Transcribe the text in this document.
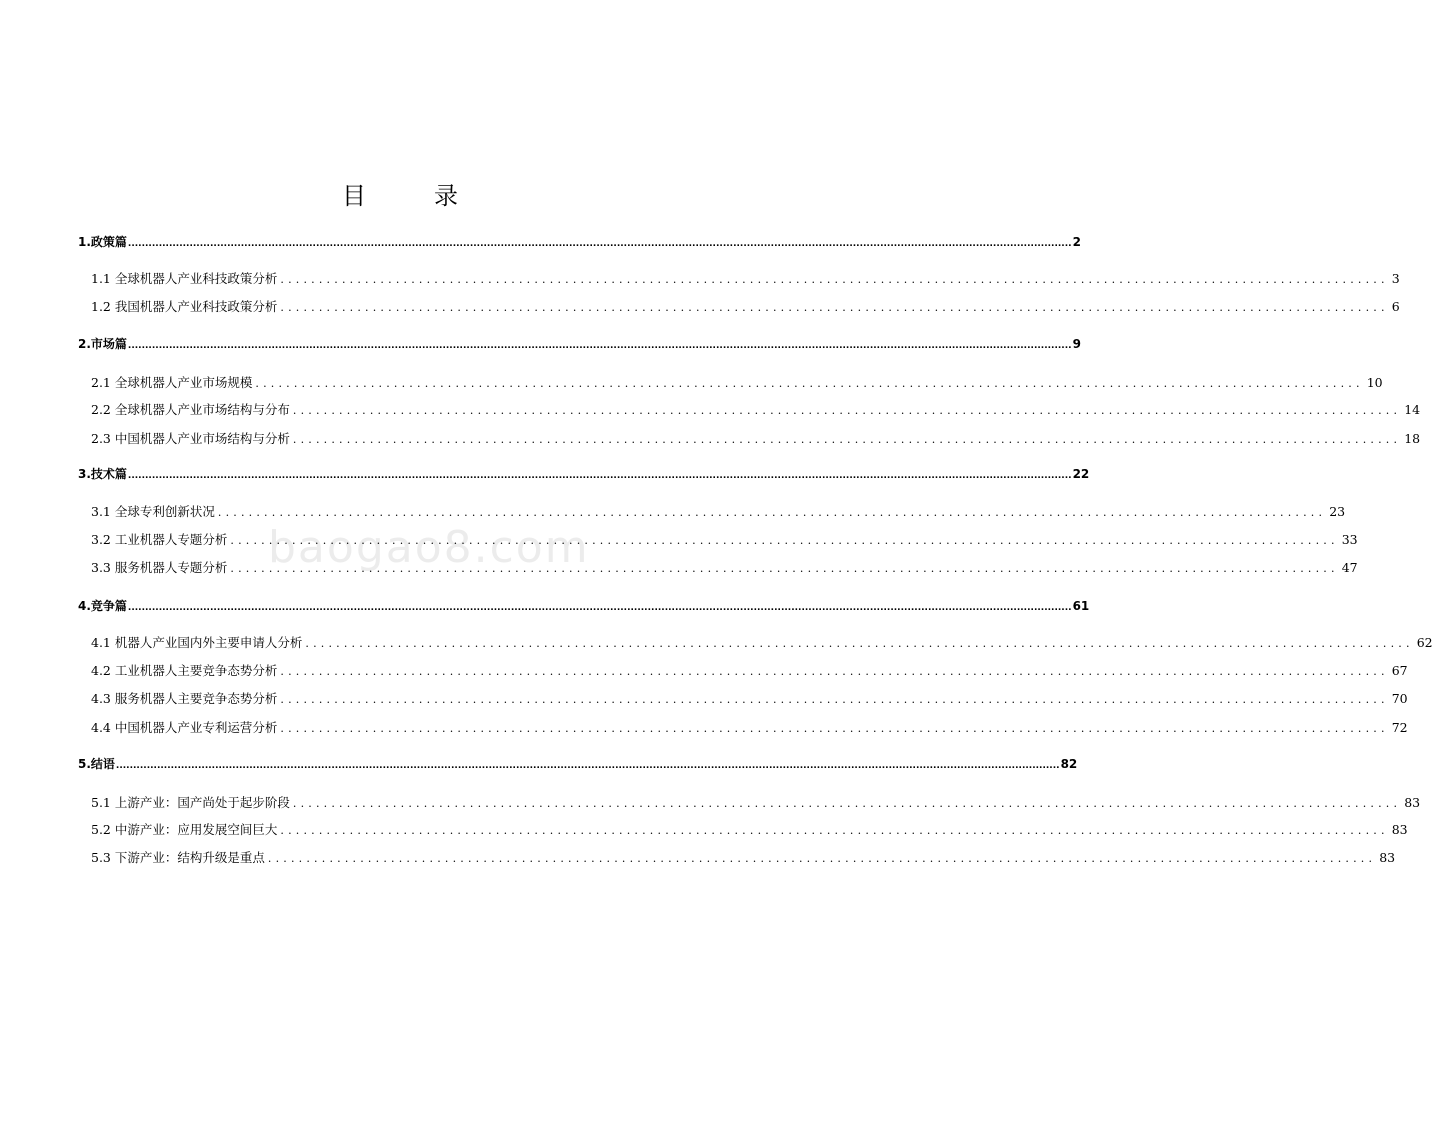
目　录
baogao8.com
1.政策篇 .................................................................................................................................................................................................................................................................................... 2
1.1 全球机器人产业科技政策分析 ................................................................................................................................................ 3
1.2 我国机器人产业科技政策分析 ................................................................................................................................................ 6
2.市场篇 .................................................................................................................................................................................................................................................................................... 9
2.1 全球机器人产业市场规模 ................................................................................................................................................ 10
2.2 全球机器人产业市场结构与分布 ................................................................................................................................................ 14
2.3 中国机器人产业市场结构与分析 ................................................................................................................................................ 18
3.技术篇 .................................................................................................................................................................................................................................................................................... 22
3.1 全球专利创新状况 ................................................................................................................................................ 23
3.2 工业机器人专题分析 ................................................................................................................................................ 33
3.3 服务机器人专题分析 ................................................................................................................................................ 47
4.竞争篇 .................................................................................................................................................................................................................................................................................... 61
4.1 机器人产业国内外主要申请人分析 ................................................................................................................................................ 62
4.2 工业机器人主要竞争态势分析 ................................................................................................................................................ 67
4.3 服务机器人主要竞争态势分析 ................................................................................................................................................ 70
4.4 中国机器人产业专利运营分析 ................................................................................................................................................ 72
5.结语 .................................................................................................................................................................................................................................................................................... 82
5.1 上游产业：国产尚处于起步阶段 ................................................................................................................................................ 83
5.2 中游产业：应用发展空间巨大 ................................................................................................................................................ 83
5.3 下游产业：结构升级是重点 ................................................................................................................................................ 83
